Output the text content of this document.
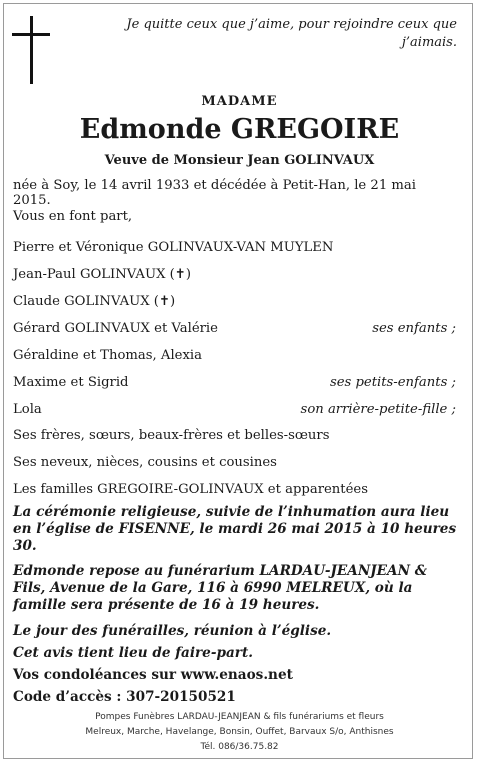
Je quitte ceux que j’aime, pour rejoindre ceux que j’aimais.
MADAME
Edmonde GREGOIRE
Veuve de Monsieur Jean GOLINVAUX
née à Soy, le 14 avril 1933 et décédée à Petit-Han, le 21 mai 2015.
Vous en font part,
Pierre et Véronique GOLINVAUX-VAN MUYLEN
Jean-Paul GOLINVAUX (✝)
Claude GOLINVAUX (✝)
Gérard GOLINVAUX et Valérie	ses enfants ;
Géraldine et Thomas, Alexia
Maxime et Sigrid	ses petits-enfants ;
Lola	son arrière-petite-fille ;
Ses frères, sœurs, beaux-frères et belles-sœurs
Ses neveux, nièces, cousins et cousines
Les familles GREGOIRE-GOLINVAUX et apparentées
La cérémonie religieuse, suivie de l’inhumation aura lieu en l’église de FISENNE, le mardi 26 mai 2015 à 10 heures 30.
Edmonde repose au funérarium LARDAU-JEANJEAN & Fils, Avenue de la Gare, 116 à 6990 MELREUX, où la famille sera présente de 16 à 19 heures.
Le jour des funérailles, réunion à l’église.
Cet avis tient lieu de faire-part.
Vos condoléances sur www.enaos.net
Code d’accès : 307-20150521
Pompes Funèbres LARDAU-JEANJEAN & fils funérariums et fleurs
Melreux, Marche, Havelange, Bonsin, Ouffet, Barvaux S/o, Anthisnes
Tél. 086/36.75.82
